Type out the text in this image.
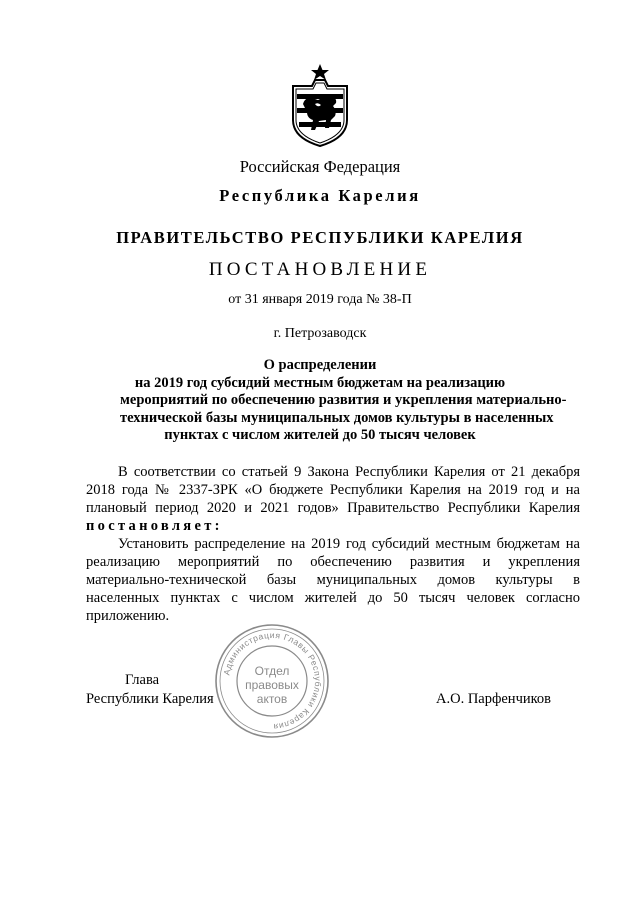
Российская Федерация
Республика Карелия
ПРАВИТЕЛЬСТВО РЕСПУБЛИКИ КАРЕЛИЯ
ПОСТАНОВЛЕНИЕ
от 31 января 2019 года № 38-П
г. Петрозаводск
О распределении
на 2019 год субсидий местным бюджетам на реализацию
мероприятий по обеспечению развития и укрепления материально-
технической базы муниципальных домов культуры в населенных
пунктах с числом жителей до 50 тысяч человек
В соответствии со статьей 9 Закона Республики Карелия от 21 декабря
2018 года № 2337-ЗРК «О бюджете Республики Карелия на 2019 год и на
плановый период 2020 и 2021 годов» Правительство Республики Карелия
постановляет:
Установить распределение на 2019 год субсидий местным бюджетам на
реализацию мероприятий по обеспечению развития и укрепления
материально-технической базы муниципальных домов культуры в
населенных пунктах с числом жителей до 50 тысяч человек согласно
приложению.
Глава
Республики Карелия	А.О. Парфенчиков
Администрация Главы Республики Карелия
Отдел
правовых
актов
